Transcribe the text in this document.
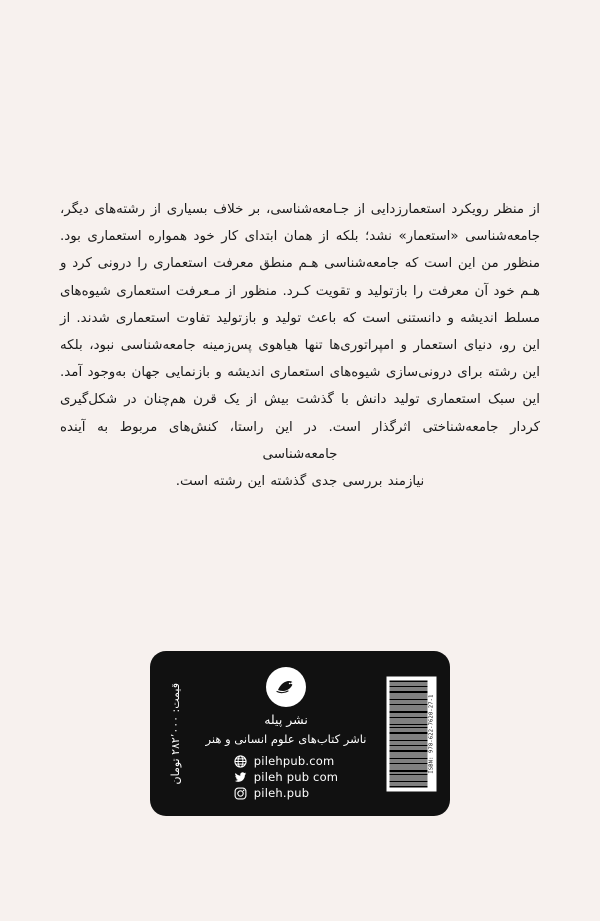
از منظر رویکرد استعمارزدایی از جـامعه‌شناسی، بر خلاف بسیاری از رشته‌های دیگر، جامعه‌شناسی «استعمار» نشد؛ بلکه از همان ابتدای کار خود همواره استعماری بود. منظور من این است که جامعه‌شناسی هـم منطق معرفت استعماری را درونی کرد و هـم خود آن معرفت را بازتولید و تقویت کـرد. منظور از مـعرفت استعماری شیوه‌های مسلط اندیشه و دانستنی است که باعث تولید و بازتولید تفاوت استعماری شدند. از این رو، دنیای استعمار و امپراتوری‌ها تنها هیاهوی پس‌زمینه جامعه‌شناسی نبود، بلکه این رشته برای درونی‌سازی شیوه‌های استعماری اندیشه و بازنمایی جهان به‌وجود آمد. این سبک استعماری تولید دانش با گذشت بیش از یک قرن هم‌چنان در شکل‌گیری کردار جامعه‌شناختی اثرگذار است. در این راستا، کنش‌های مربوط به آینده جامعه‌شناسی

نیازمند بررسی جدی گذشته این رشته است.

قیمت: ۲۸۲٬۰۰۰ تومان
نشر پیله
ناشر کتاب‌های علوم انسانی و هنر
pilehpub.com
pileh pub com
pileh.pub
ISBN: 978-622-7620-27-1
